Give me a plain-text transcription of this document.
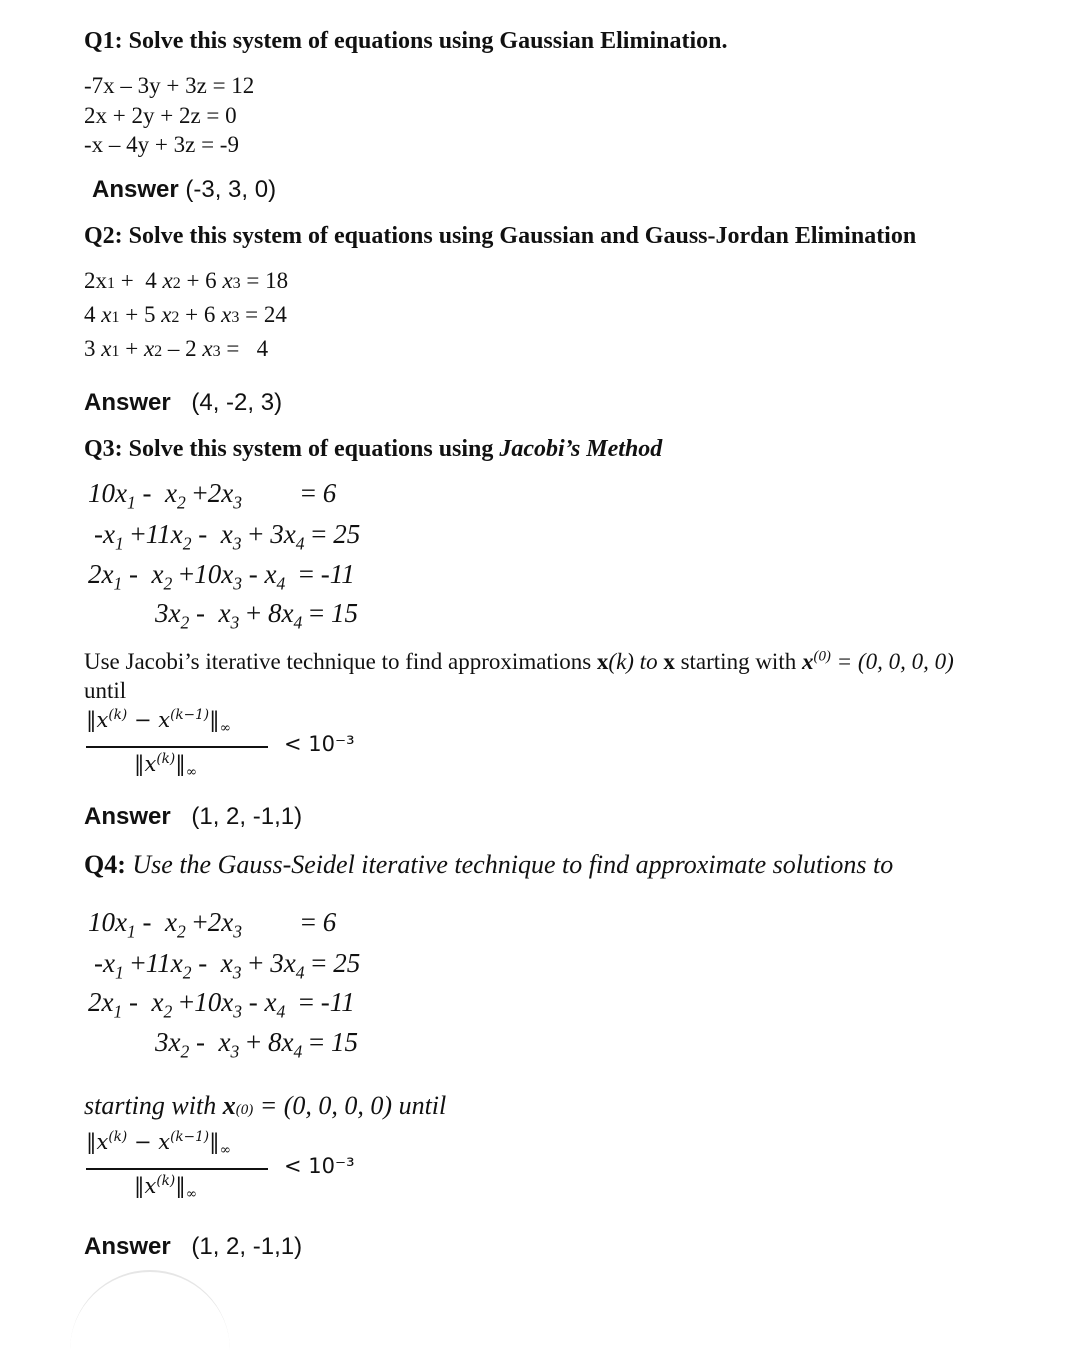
Q1: Solve this system of equations using Gaussian Elimination.
-7x – 3y + 3z = 12
2x + 2y + 2z = 0
-x – 4y + 3z = -9
Answer (-3, 3, 0)
Q2: Solve this system of equations using Gaussian and Gauss-Jordan Elimination
2x1 +  4 x2 + 6 x3 = 18
4 x1 + 5 x2 + 6 x3 = 24
3 x1 + x2 – 2 x3 =   4
Answer (4, -2, 3)
Q3: Solve this system of equations using Jacobi’s Method
$10x_1 - x_2 +2x_3 = 6$
$-x_1 +11x_2 - x_3 + 3x_4 = 25$
$2x_1 - x_2 +10x_3 - x_4 = -11$
$3x_2 - x_3 + 8x_4 = 15$
Use Jacobi’s iterative technique to find approximations x(k) to x starting with $x^{(0)} = (0$, 0, 0, 0)
until
$‖x^{(k)}$ − $x^{(k-1)}‖_\infty$
$‖x^{(k)}‖_\infty$
< 10⁻³
Answer (1, 2, -1,1)
Q4: Use the Gauss-Seidel iterative technique to find approximate solutions to
$10x_1 - x_2 +2x_3 = 6$
$-x_1 +11x_2 - x_3 + 3x_4 = 25$
$2x_1 - x_2 +10x_3 - x_4 = -11$
$3x_2 - x_3 + 8x_4 = 15$
starting with x(0) = (0, 0, 0, 0) until
$‖x^{(k)}$ − $x^{(k-1)}‖_\infty$
$‖x^{(k)}‖_\infty$
< 10⁻³
Answer (1, 2, -1,1)
